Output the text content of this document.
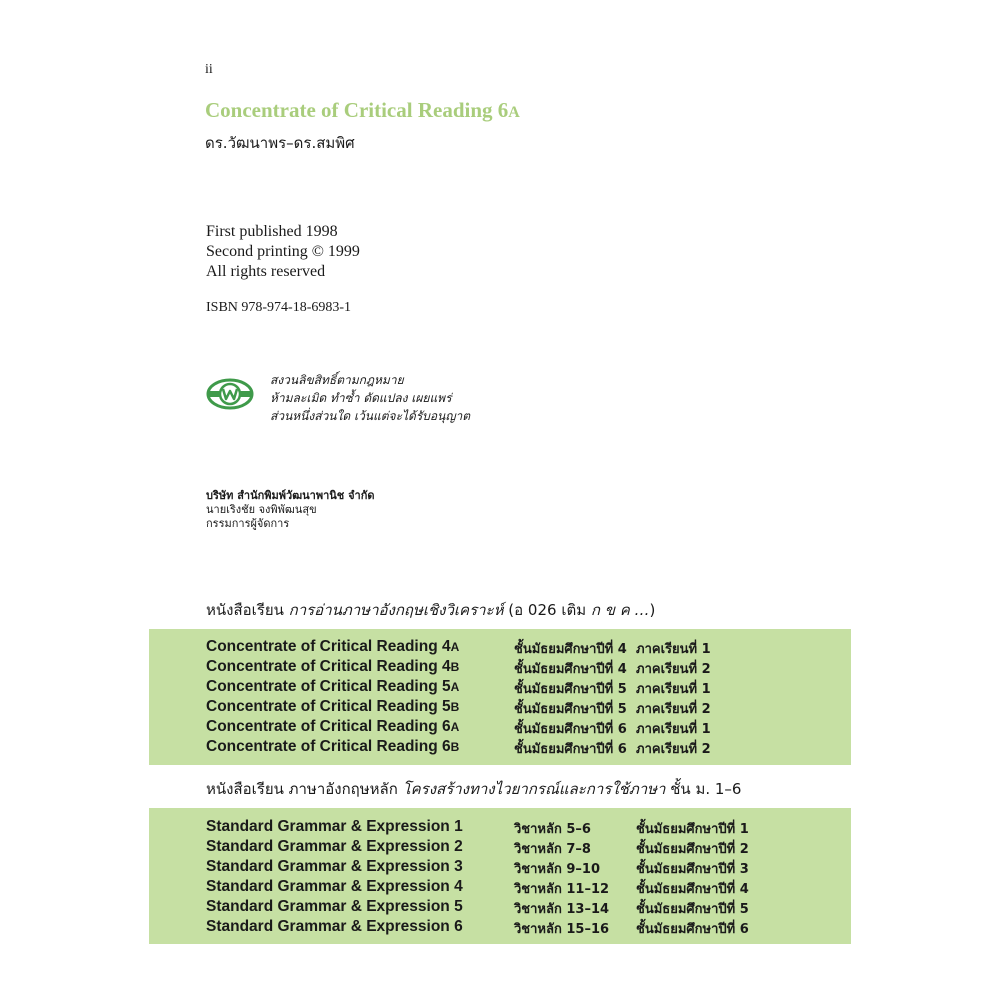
ii
Concentrate of Critical Reading 6A
ดร.วัฒนาพร–ดร.สมพิศ
First published 1998
Second printing © 1999
All rights reserved
ISBN 978-974-18-6983-1
สงวนลิขสิทธิ์ตามกฎหมาย
ห้ามละเมิด ทำซ้ำ ดัดแปลง เผยแพร่
ส่วนหนึ่งส่วนใด เว้นแต่จะได้รับอนุญาต
บริษัท สำนักพิมพ์วัฒนาพานิช จำกัด
นายเริงชัย จงพิพัฒนสุข
กรรมการผู้จัดการ
หนังสือเรียน การอ่านภาษาอังกฤษเชิงวิเคราะห์ (อ 026 เติม ก ข ค …)
Concentrate of Critical Reading 4A	ชั้นมัธยมศึกษาปีที่ 4 ภาคเรียนที่ 1
Concentrate of Critical Reading 4B	ชั้นมัธยมศึกษาปีที่ 4 ภาคเรียนที่ 2
Concentrate of Critical Reading 5A	ชั้นมัธยมศึกษาปีที่ 5 ภาคเรียนที่ 1
Concentrate of Critical Reading 5B	ชั้นมัธยมศึกษาปีที่ 5 ภาคเรียนที่ 2
Concentrate of Critical Reading 6A	ชั้นมัธยมศึกษาปีที่ 6 ภาคเรียนที่ 1
Concentrate of Critical Reading 6B	ชั้นมัธยมศึกษาปีที่ 6 ภาคเรียนที่ 2
หนังสือเรียน ภาษาอังกฤษหลัก โครงสร้างทางไวยากรณ์และการใช้ภาษา ชั้น ม. 1–6
Standard Grammar & Expression 1	วิชาหลัก 5–6	ชั้นมัธยมศึกษาปีที่ 1
Standard Grammar & Expression 2	วิชาหลัก 7–8	ชั้นมัธยมศึกษาปีที่ 2
Standard Grammar & Expression 3	วิชาหลัก 9–10	ชั้นมัธยมศึกษาปีที่ 3
Standard Grammar & Expression 4	วิชาหลัก 11–12 ชั้นมัธยมศึกษาปีที่ 4
Standard Grammar & Expression 5	วิชาหลัก 13–14 ชั้นมัธยมศึกษาปีที่ 5
Standard Grammar & Expression 6	วิชาหลัก 15–16 ชั้นมัธยมศึกษาปีที่ 6
